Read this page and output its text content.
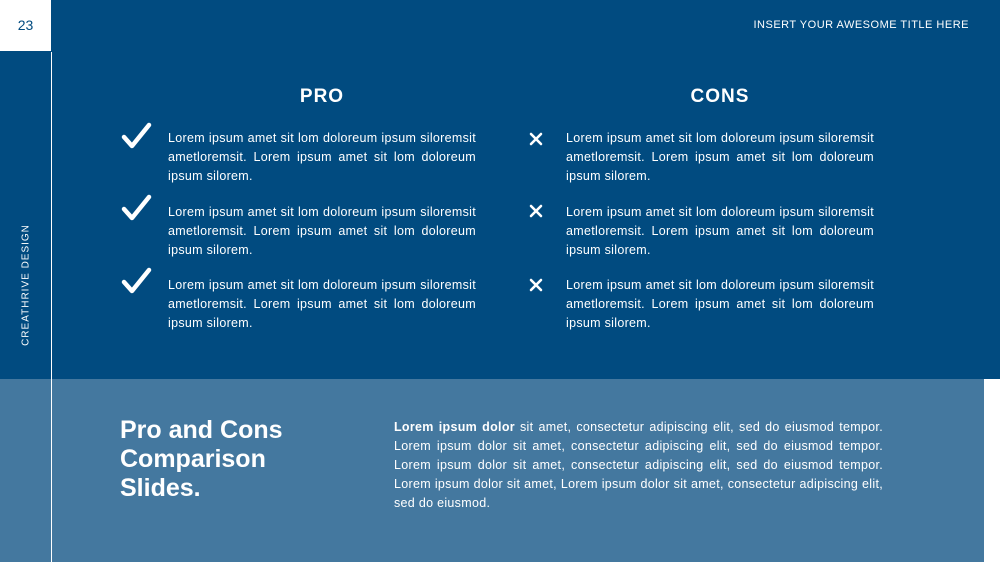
23	INSERT YOUR AWESOME TITLE HERE
CREATHRIVE DESIGN
PRO	CONS
Lorem ipsum amet sit lom doloreum ipsum siloremsit ametloremsit. Lorem ipsum amet sit lom doloreum ipsum silorem.
Lorem ipsum amet sit lom doloreum ipsum siloremsit ametloremsit. Lorem ipsum amet sit lom doloreum ipsum silorem.
Lorem ipsum amet sit lom doloreum ipsum siloremsit ametloremsit. Lorem ipsum amet sit lom doloreum ipsum silorem.
Lorem ipsum amet sit lom doloreum ipsum siloremsit ametloremsit. Lorem ipsum amet sit lom doloreum ipsum silorem.
Lorem ipsum amet sit lom doloreum ipsum siloremsit ametloremsit. Lorem ipsum amet sit lom doloreum ipsum silorem.
Lorem ipsum amet sit lom doloreum ipsum siloremsit ametloremsit. Lorem ipsum amet sit lom doloreum ipsum silorem.
Pro and Cons Comparison Slides.
Lorem ipsum dolor sit amet, consectetur adipiscing elit, sed do eiusmod tempor. Lorem ipsum dolor sit amet, consectetur adipiscing elit, sed do eiusmod tempor. Lorem ipsum dolor sit amet, consectetur adipiscing elit, sed do eiusmod tempor. Lorem ipsum dolor sit amet, Lorem ipsum dolor sit amet, consectetur adipiscing elit, sed do eiusmod.
